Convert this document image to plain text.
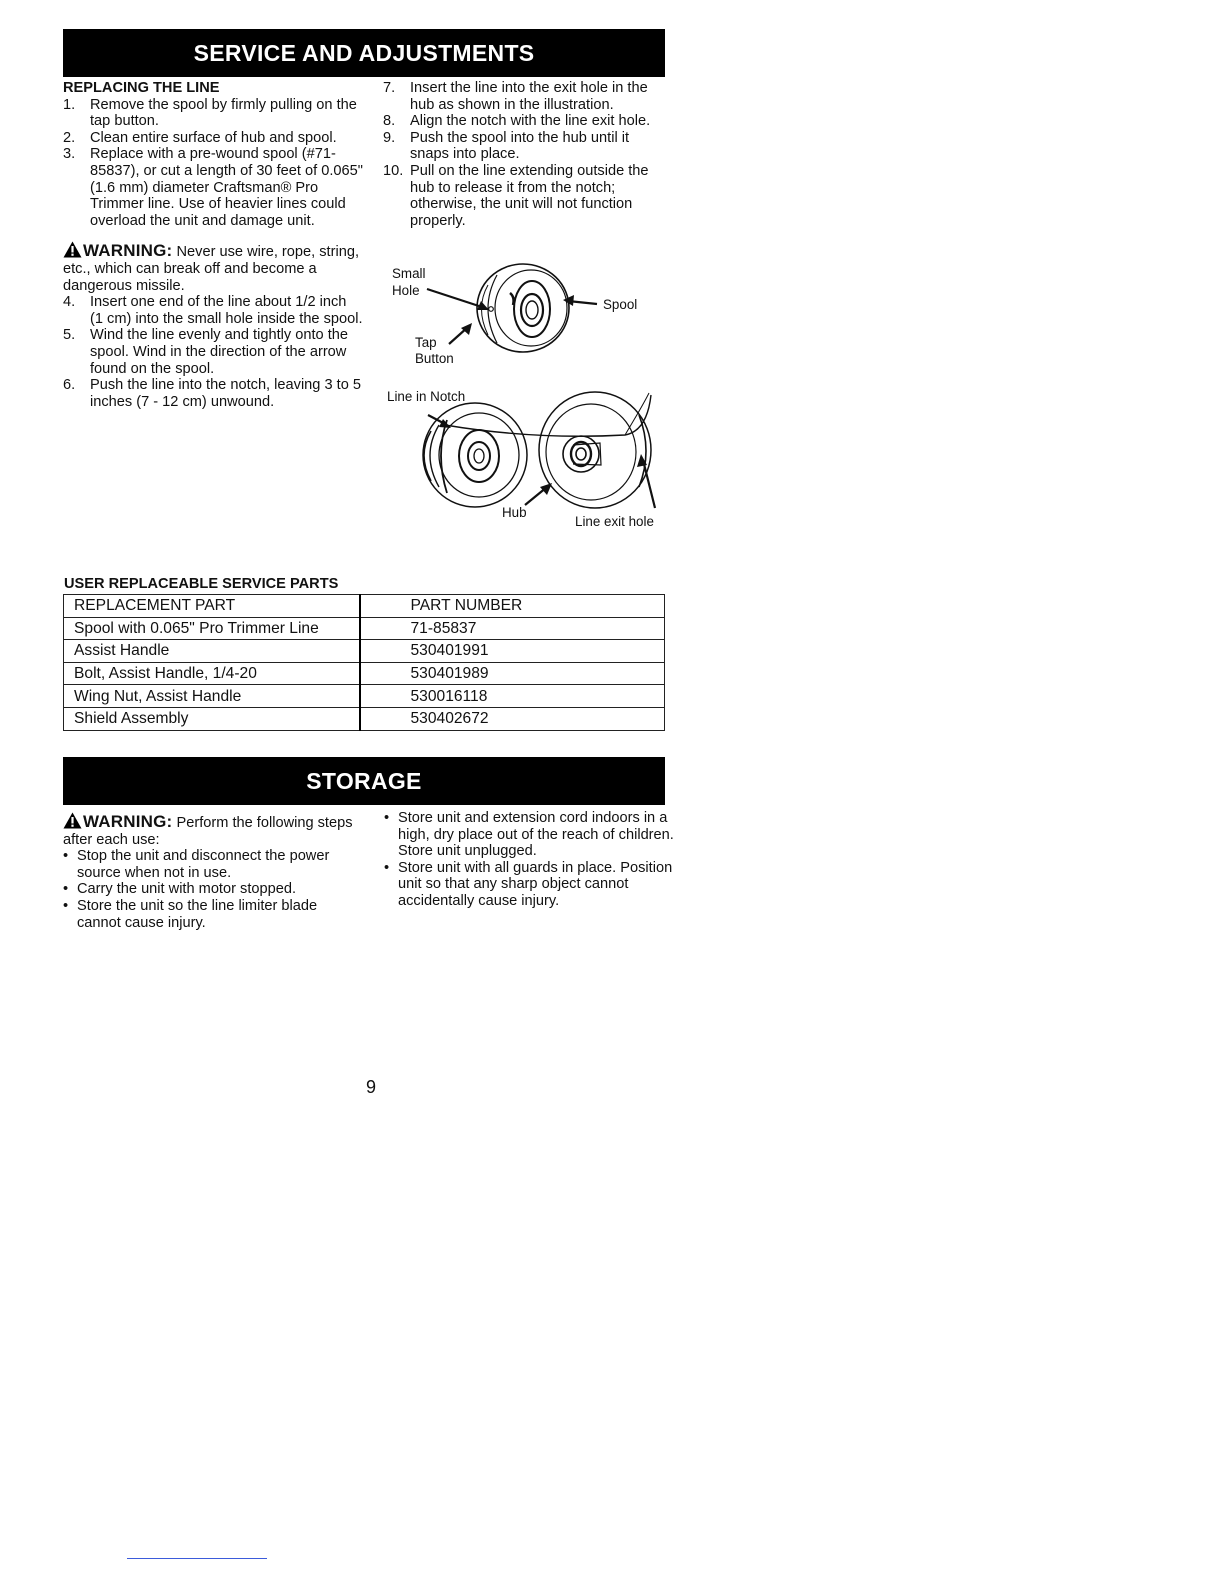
SERVICE AND ADJUSTMENTS
REPLACING THE LINE
1.	Remove the spool by firmly pulling on the tap button.
2.	Clean entire surface of hub and spool.
3.	Replace with a pre-wound spool (#71-85837), or cut a length of 30 feet of 0.065" (1.6 mm) diameter Craftsman® Pro Trimmer line. Use of heavier lines could overload the unit and damage unit.
WARNING: Never use wire, rope, string, etc., which can break off and become a dangerous missile.
4.	Insert one end of the line about 1/2 inch (1 cm) into the small hole inside the spool.
5.	Wind the line evenly and tightly onto the spool. Wind in the direction of the arrow found on the spool.
6.	Push the line into the notch, leaving 3 to 5 inches (7 - 12 cm) unwound.
7.	Insert the line into the exit hole in the hub as shown in the illustration.
8.	Align the notch with the line exit hole.
9.	Push the spool into the hub until it snaps into place.
10. Pull on the line extending outside the hub to release it from the notch; otherwise, the unit will not function properly.
Small
Hole
Spool
Tap
Button
Line in Notch
Hub
Line exit hole
USER REPLACEABLE SERVICE PARTS
REPLACEMENT PART	PART NUMBER
Spool with 0.065" Pro Trimmer Line	71-85837
Assist Handle	530401991
Bolt, Assist Handle, 1/4-20	530401989
Wing Nut, Assist Handle	530016118
Shield Assembly	530402672
STORAGE
WARNING: Perform the following steps after each use:
• Stop the unit and disconnect the power source when not in use.
• Carry the unit with motor stopped.
• Store the unit so the line limiter blade cannot cause injury.
• Store unit and extension cord indoors in a high, dry place out of the reach of children. Store unit unplugged.
• Store unit with all guards in place. Position unit so that any sharp object cannot accidentally cause injury.
9
